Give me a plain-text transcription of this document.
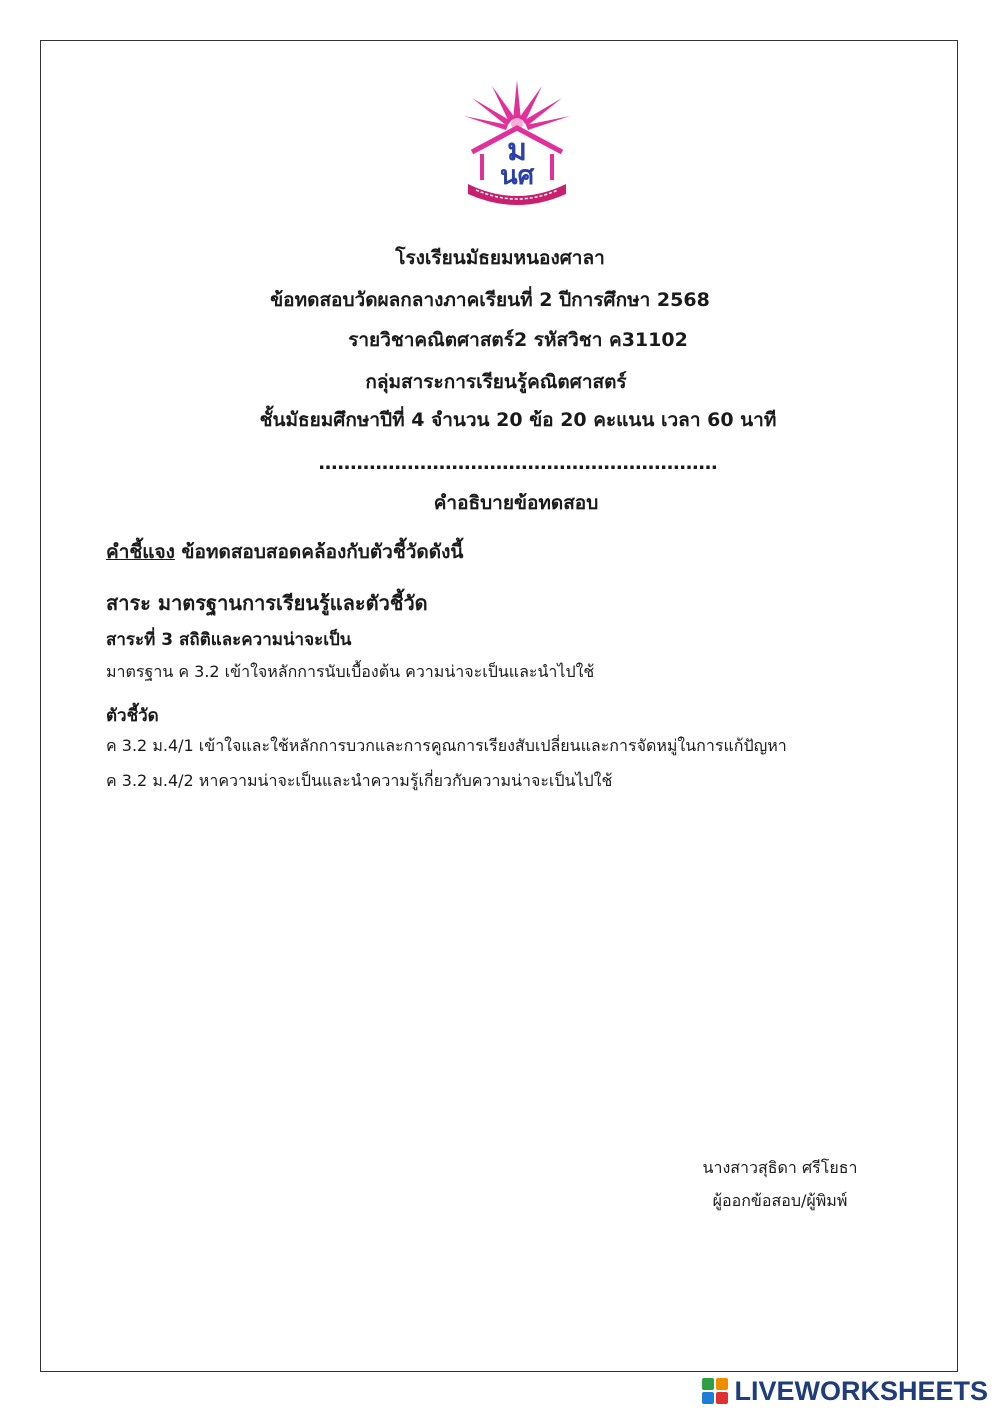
ม
นศ
โรงเรียนมัธยมหนองศาลา
ข้อทดสอบวัดผลกลางภาคเรียนที่ 2 ปีการศึกษา 2568
รายวิชาคณิตศาสตร์2 รหัสวิชา ค31102
กลุ่มสาระการเรียนรู้คณิตศาสตร์
ชั้นมัธยมศึกษาปีที่ 4 จำนวน 20 ข้อ 20 คะแนน เวลา 60 นาที
………………………………………………………
คำอธิบายข้อทดสอบ
คำชี้แจง ข้อทดสอบสอดคล้องกับตัวชี้วัดดังนี้
สาระ มาตรฐานการเรียนรู้และตัวชี้วัด
สาระที่ 3 สถิติและความน่าจะเป็น
มาตรฐาน ค 3.2 เข้าใจหลักการนับเบื้องต้น ความน่าจะเป็นและนำไปใช้
ตัวชี้วัด
ค 3.2 ม.4/1 เข้าใจและใช้หลักการบวกและการคูณการเรียงสับเปลี่ยนและการจัดหมู่ในการแก้ปัญหา
ค 3.2 ม.4/2 หาความน่าจะเป็นและนำความรู้เกี่ยวกับความน่าจะเป็นไปใช้
นางสาวสุธิดา ศรีโยธา
ผู้ออกข้อสอบ/ผู้พิมพ์
LIVEWORKSHEETS
